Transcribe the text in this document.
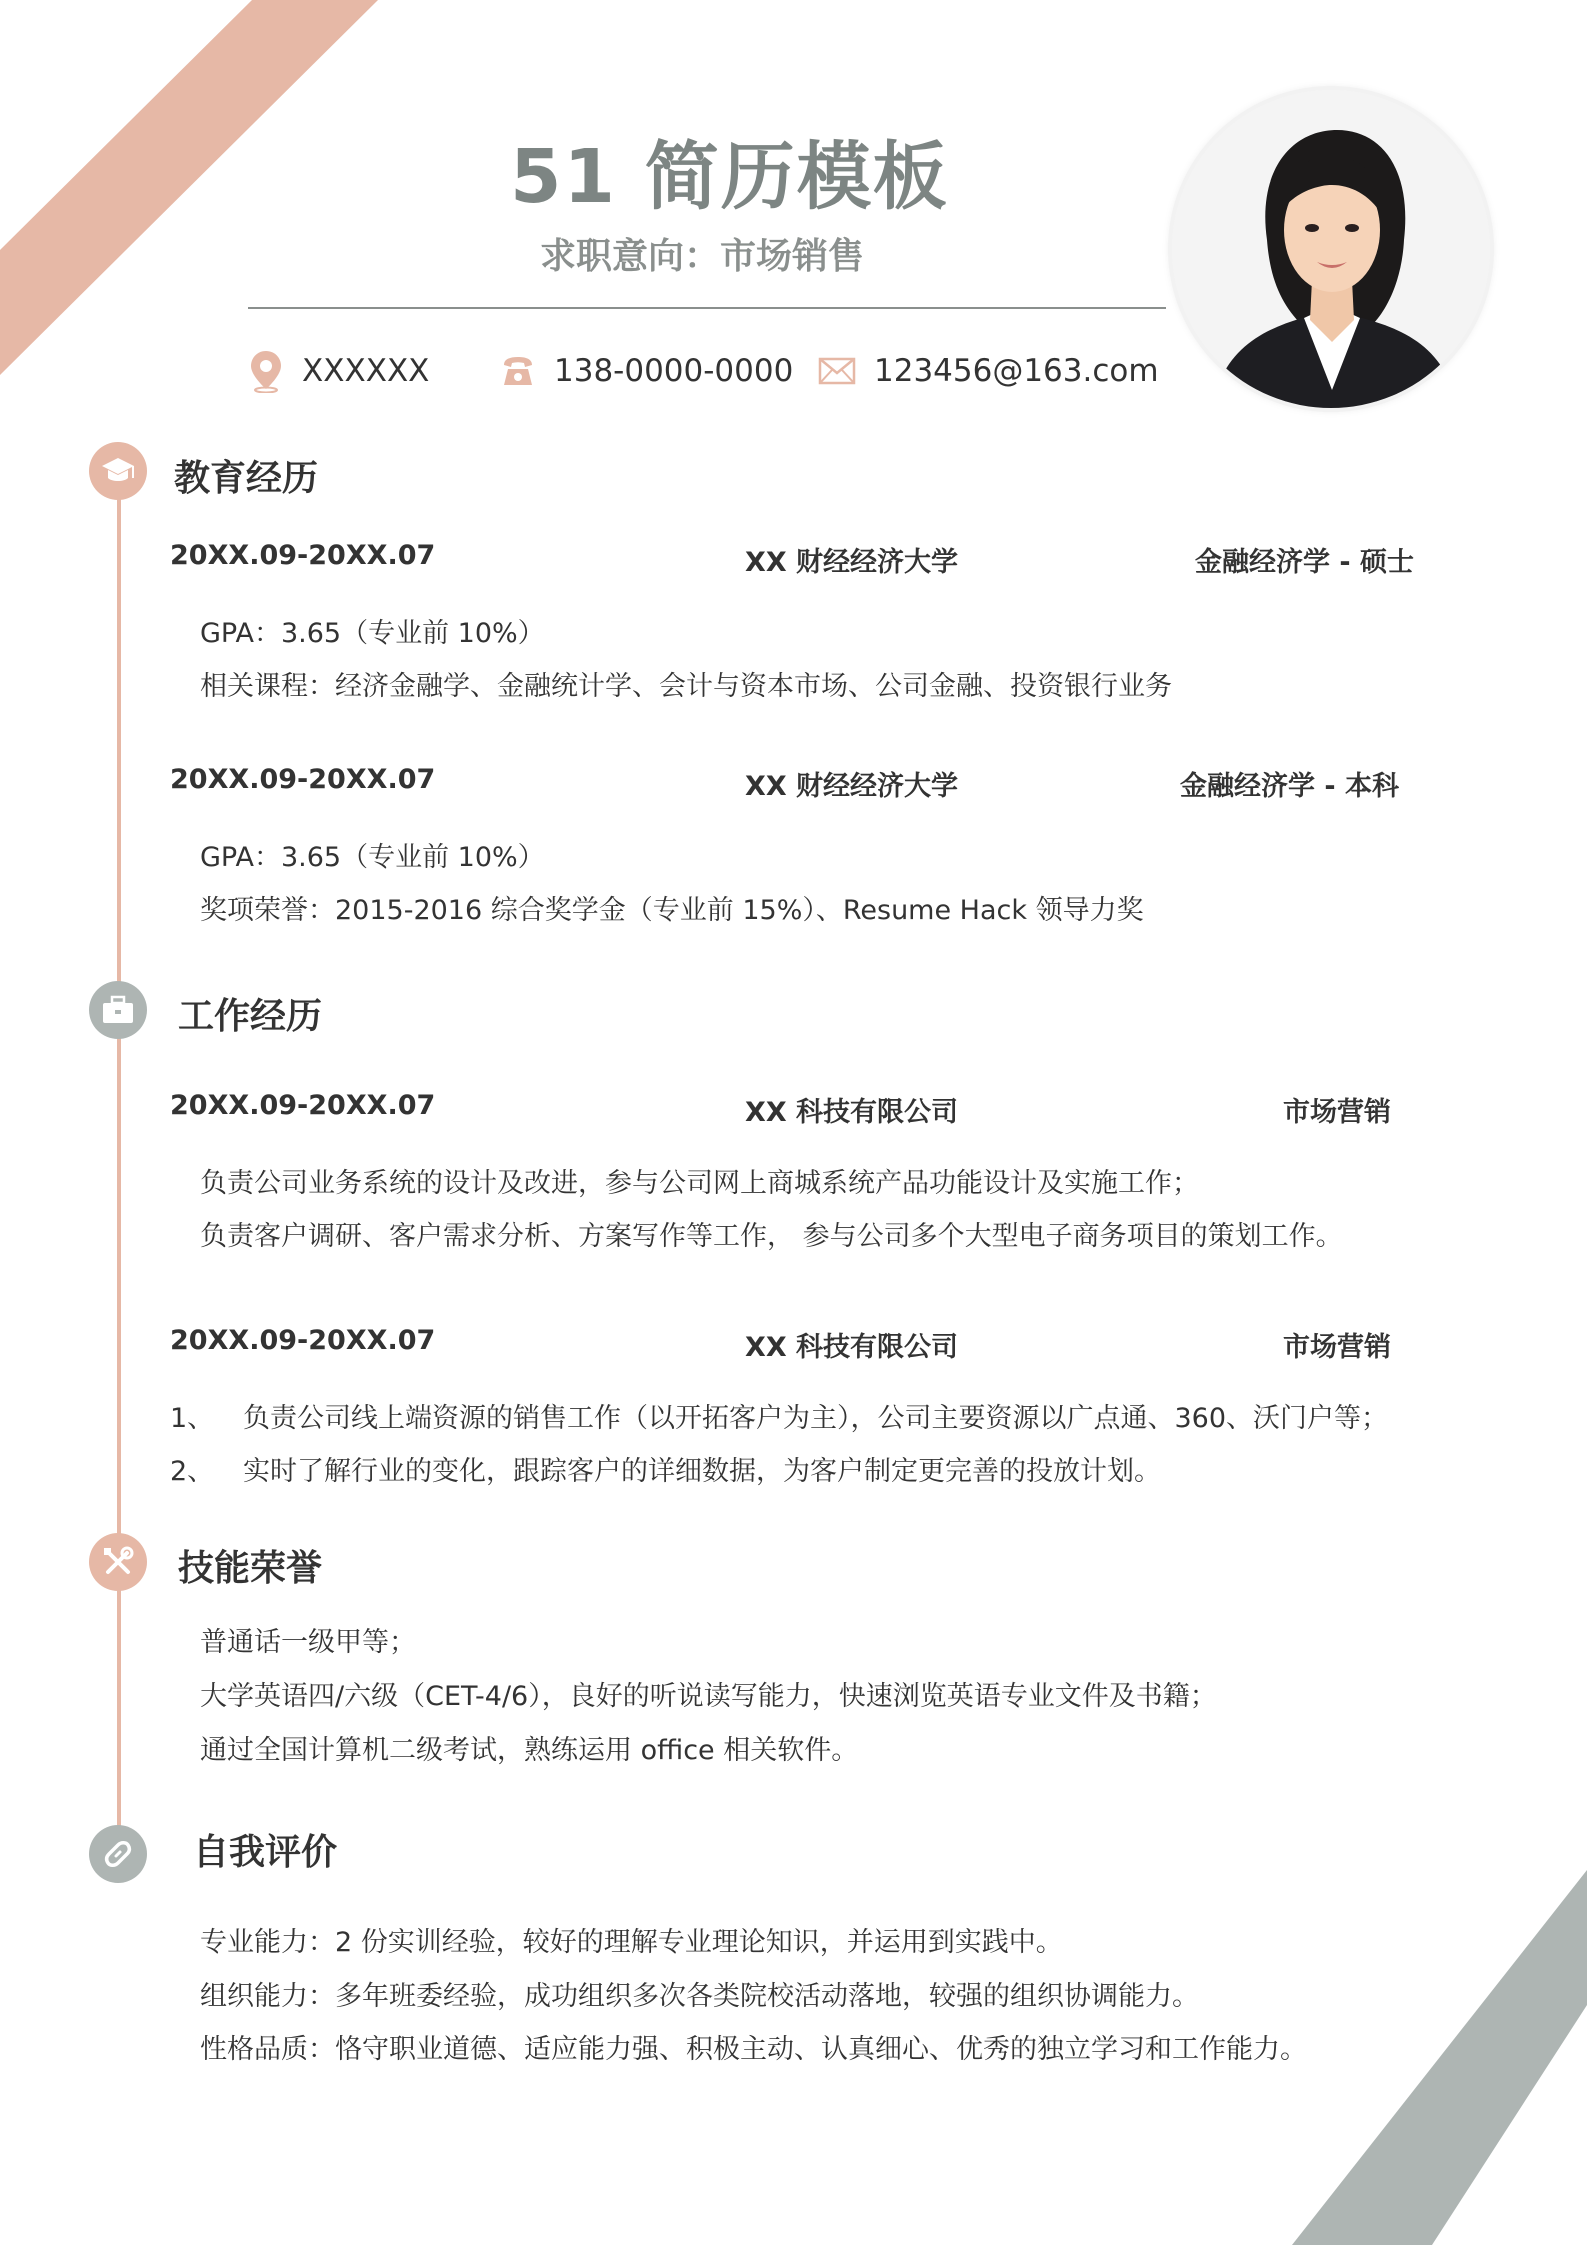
51 简历模板
求职意向：市场销售
XXXXXX	138-0000-0000	123456@163.com
教育经历
20XX.09-20XX.07	XX 财经经济大学	金融经济学 - 硕士
GPA：3.65（专业前 10%）
相关课程：经济金融学、金融统计学、会计与资本市场、公司金融、投资银行业务
20XX.09-20XX.07	XX 财经经济大学	金融经济学 - 本科
GPA：3.65（专业前 10%）
奖项荣誉：2015-2016 综合奖学金（专业前 15%）、Resume Hack 领导力奖
工作经历
20XX.09-20XX.07	XX 科技有限公司	市场营销
负责公司业务系统的设计及改进，参与公司网上商城系统产品功能设计及实施工作；
负责客户调研、客户需求分析、方案写作等工作， 参与公司多个大型电子商务项目的策划工作。
20XX.09-20XX.07	XX 科技有限公司	市场营销
1、 负责公司线上端资源的销售工作（以开拓客户为主），公司主要资源以广点通、360、沃门户等；
2、 实时了解行业的变化，跟踪客户的详细数据，为客户制定更完善的投放计划。
技能荣誉
普通话一级甲等；
大学英语四/六级（CET-4/6），良好的听说读写能力，快速浏览英语专业文件及书籍；
通过全国计算机二级考试，熟练运用 office 相关软件。
自我评价
专业能力：2 份实训经验，较好的理解专业理论知识，并运用到实践中。
组织能力：多年班委经验，成功组织多次各类院校活动落地，较强的组织协调能力。
性格品质：恪守职业道德、适应能力强、积极主动、认真细心、优秀的独立学习和工作能力。
